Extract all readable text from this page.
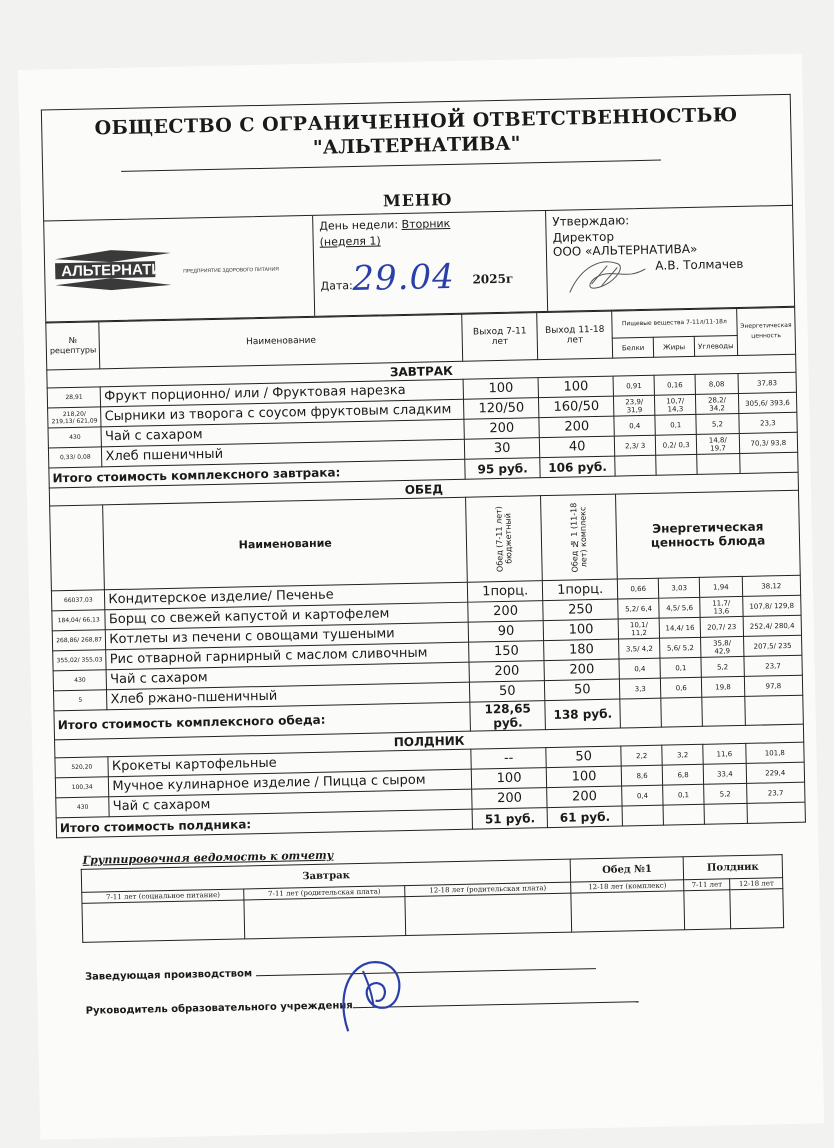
ОБЩЕСТВО С ОГРАНИЧЕННОЙ ОТВЕТСТВЕННОСТЬЮ
"АЛЬТЕРНАТИВА"
МЕНЮ
АЛЬТЕРНАТИВА ПРЕДПРИЯТИЕ ЗДОРОВОГО ПИТАНИЯ
День недели: Вторник
(неделя 1)
Дата: 29.04 2025г
Утверждаю:
Директор
ООО «АЛЬТЕРНАТИВА»
А.В. Толмачев
№ рецептуры	Наименование	Выход 7-11 лет	Выход 11-18 лет	Пищевые вещества 7-11л/11-18л			Энергетическая ценность
				Белки	Жиры	Углеводы	
ЗАВТРАК							
28,91	Фрукт порционно/ или / Фруктовая нарезка	100	100	0,91	0,16	8,08	37,83
218,20/ 219,13/ 621,09	Сырники из творога с соусом фруктовым сладким	120/50	160/50	23,9/ 31,9	10,7/ 14,3	28,2/ 34,2	305,6/ 393,6
430	Чай с сахаром	200	200	0,4	0,1	5,2	23,3
0,33/ 0,08	Хлеб пшеничный	30	40	2,3/ 3	0,2/ 0,3	14,8/ 19,7	70,3/ 93,8
Итого стоимость комплексного завтрака:		95 руб.	106 руб.				
ОБЕД							
	Наименование	Обед (7-11 лет) бюджетный	Обед № 1 (11-18 лет) комплекс	Энергетическая ценность блюда			
66037,03	Кондитерское изделие/ Печенье	1порц.	1порц.	0,66	3,03	1,94	38,12
184,04/ 66,13	Борщ со свежей капустой и картофелем	200	250	5,2/ 6,4	4,5/ 5,6	11,7/ 13,6	107,8/ 129,8
268,86/ 268,87	Котлеты из печени с овощами тушеными	90	100	10,1/ 11,2	14,4/ 16	20,7/ 23	252,4/ 280,4
355,02/ 355,03	Рис отварной гарнирный с маслом сливочным	150	180	3,5/ 4,2	5,6/ 5,2	35,8/ 42,9	207,5/ 235
430	Чай с сахаром	200	200	0,4	0,1	5,2	23,7
5	Хлеб ржано-пшеничный	50	50	3,3	0,6	19,8	97,8
Итого стоимость комплексного обеда:		128,65 руб.	138 руб.				
ПОЛДНИК							
520,20	Крокеты картофельные	--	50	2,2	3,2	11,6	101,8
100,34	Мучное кулинарное изделие / Пицца с сыром	100	100	8,6	6,8	33,4	229,4
430	Чай с сахаром	200	200	0,4	0,1	5,2	23,7
Итого стоимость полдника:		51 руб.	61 руб.				
Группировочная ведомость к отчету
Завтрак			Обед №1	Полдник	
7-11 лет (социальное питание)	7-11 лет (родительская плата)	12-18 лет (родительская плата)	12-18 лет (комплекс)	7-11 лет	12-18 лет

Заведующая производством
Руководитель образовательного учреждения
